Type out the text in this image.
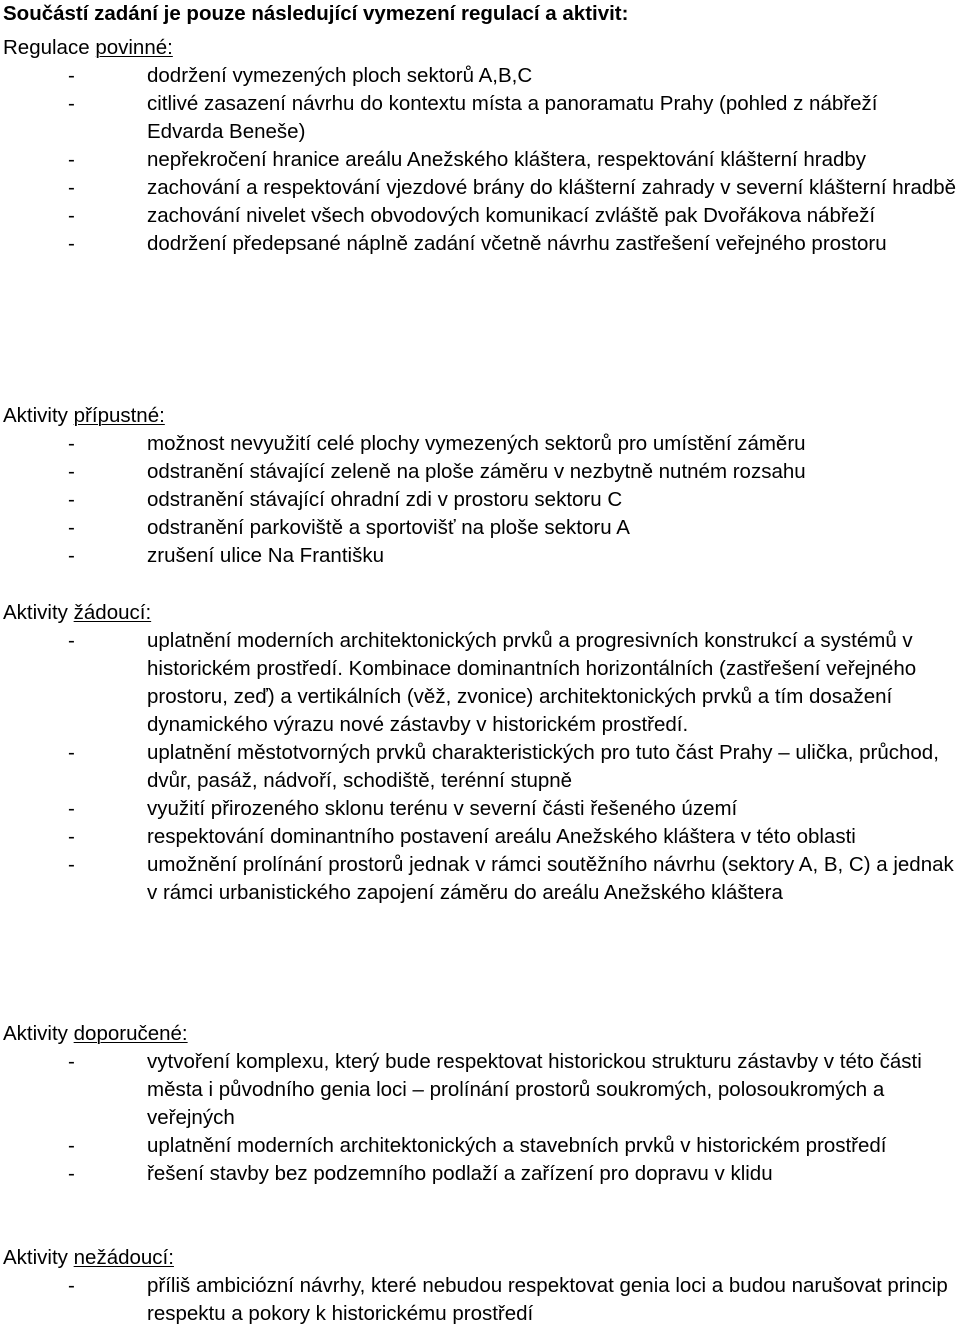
Součástí zadání je pouze následující vymezení regulací a aktivit:

Regulace povinné:

-	dodržení vymezených ploch sektorů A,B,C
-	citlivé zasazení návrhu do kontextu místa a panoramatu Prahy (pohled z nábřeží Edvarda Beneše)
-	nepřekročení hranice areálu Anežského kláštera, respektování klášterní hradby
-	zachování a respektování vjezdové brány do klášterní zahrady v severní klášterní hradbě
-	zachování nivelet všech obvodových komunikací zvláště pak Dvořákova nábřeží
-	dodržení předepsané náplně zadání včetně návrhu zastřešení veřejného prostoru

Aktivity přípustné:

-	možnost nevyužití celé plochy vymezených sektorů pro umístění záměru
-	odstranění stávající zeleně na ploše záměru v nezbytně nutném rozsahu
-	odstranění stávající ohradní zdi v prostoru sektoru C
-	odstranění parkoviště a sportovišť na ploše sektoru A
-	zrušení ulice Na Františku

Aktivity žádoucí:

-	uplatnění moderních architektonických prvků a progresivních konstrukcí a systémů v historickém prostředí. Kombinace dominantních horizontálních (zastřešení veřejného prostoru, zeď) a vertikálních (věž, zvonice) architektonických prvků a tím dosažení dynamického výrazu nové zástavby v historickém prostředí.
-	uplatnění městotvorných prvků charakteristických pro tuto část Prahy – ulička, průchod, dvůr, pasáž, nádvoří, schodiště, terénní stupně
-	využití přirozeného sklonu terénu v severní části řešeného území
-	respektování dominantního postavení areálu Anežského kláštera v této oblasti
-	umožnění prolínání prostorů jednak v rámci soutěžního návrhu (sektory A, B, C) a jednak v rámci urbanistického zapojení záměru do areálu Anežského kláštera

Aktivity doporučené:

-	vytvoření komplexu, který bude respektovat historickou strukturu zástavby v této části města i původního genia loci – prolínání prostorů soukromých, polosoukromých a veřejných
-	uplatnění moderních architektonických a stavebních prvků v historickém prostředí
-	řešení stavby bez podzemního podlaží a zařízení pro dopravu v klidu

Aktivity nežádoucí:

-	příliš ambiciózní návrhy, které nebudou respektovat genia loci a budou narušovat princip respektu a pokory k historickému prostředí
